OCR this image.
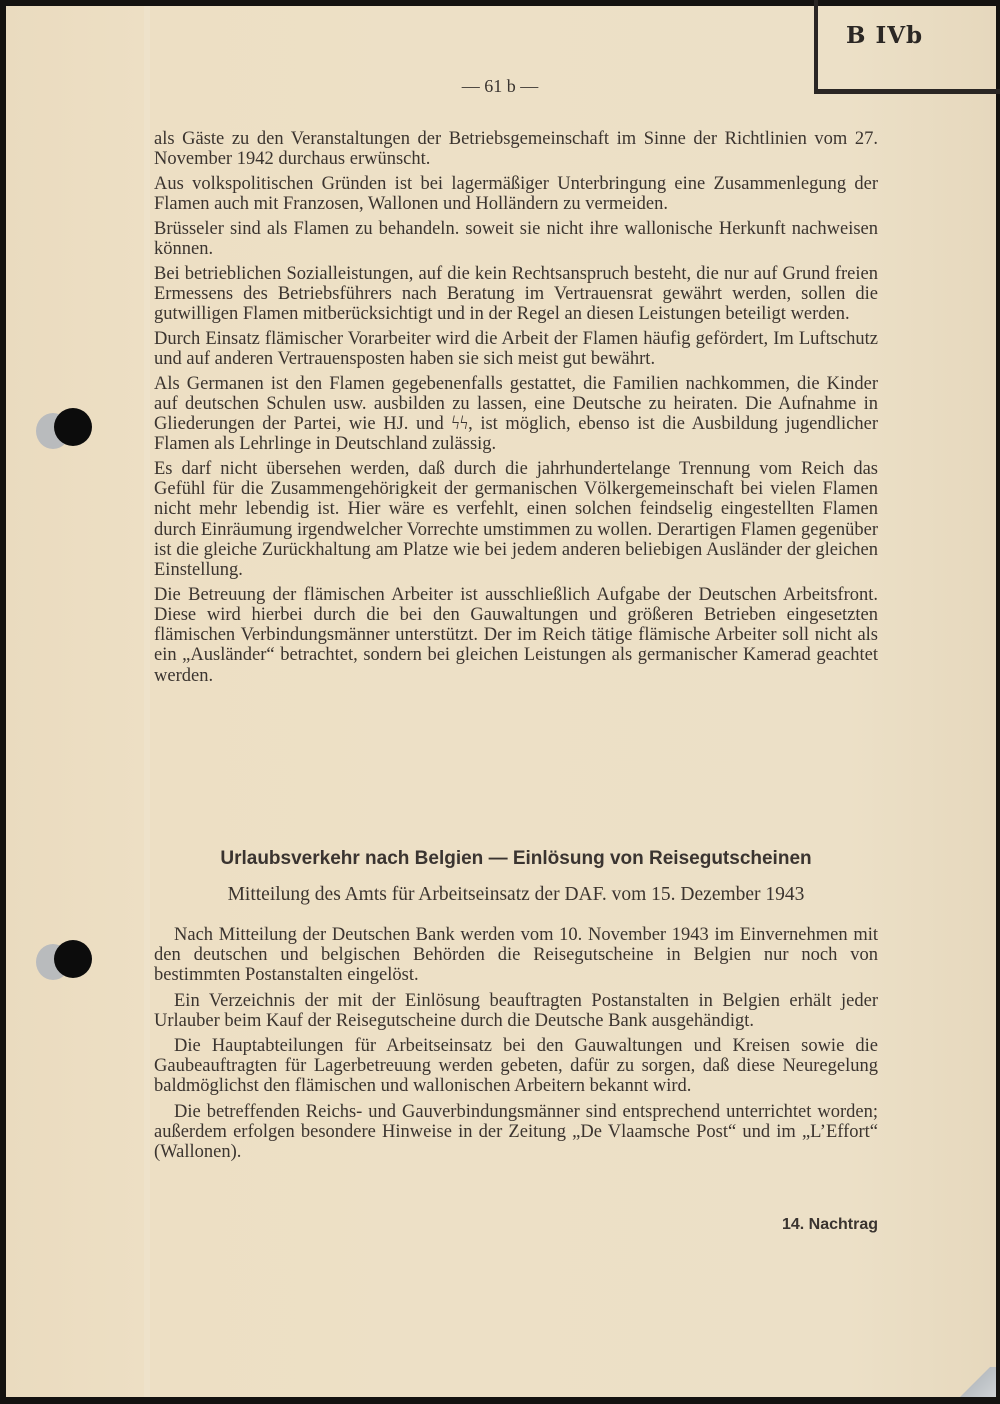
B IVb
— 61 b —

als Gäste zu den Veranstaltungen der Betriebsgemeinschaft im Sinne der Richtlinien vom 27. November 1942 durchaus erwünscht.

Aus volkspolitischen Gründen ist bei lagermäßiger Unterbringung eine Zusammenlegung der Flamen auch mit Franzosen, Wallonen und Holländern zu vermeiden.

Brüsseler sind als Flamen zu behandeln. soweit sie nicht ihre wallonische Herkunft nachweisen können.

Bei betrieblichen Sozialleistungen, auf die kein Rechtsanspruch besteht, die nur auf Grund freien Ermessens des Betriebsführers nach Beratung im Vertrauensrat gewährt werden, sollen die gutwilligen Flamen mitberücksichtigt und in der Regel an diesen Leistungen beteiligt werden.

Durch Einsatz flämischer Vorarbeiter wird die Arbeit der Flamen häufig gefördert, Im Luftschutz und auf anderen Vertrauensposten haben sie sich meist gut bewährt.

Als Germanen ist den Flamen gegebenenfalls gestattet, die Familien nachkommen, die Kinder auf deutschen Schulen usw. ausbilden zu lassen, eine Deutsche zu heiraten. Die Aufnahme in Gliederungen der Partei, wie HJ. und ϟϟ, ist möglich, ebenso ist die Ausbildung jugendlicher Flamen als Lehrlinge in Deutschland zulässig.

Es darf nicht übersehen werden, daß durch die jahrhundertelange Trennung vom Reich das Gefühl für die Zusammengehörigkeit der germanischen Völkergemeinschaft bei vielen Flamen nicht mehr lebendig ist. Hier wäre es verfehlt, einen solchen feindselig eingestellten Flamen durch Einräumung irgendwelcher Vorrechte umstimmen zu wollen. Derartigen Flamen gegenüber ist die gleiche Zurückhaltung am Platze wie bei jedem anderen beliebigen Ausländer der gleichen Einstellung.

Die Betreuung der flämischen Arbeiter ist ausschließlich Aufgabe der Deutschen Arbeitsfront. Diese wird hierbei durch die bei den Gauwaltungen und größeren Betrieben eingesetzten flämischen Verbindungsmänner unterstützt. Der im Reich tätige flämische Arbeiter soll nicht als ein „Ausländer“ betrachtet, sondern bei gleichen Leistungen als germanischer Kamerad geachtet werden.

Urlaubsverkehr nach Belgien — Einlösung von Reisegutscheinen
Mitteilung des Amts für Arbeitseinsatz der DAF. vom 15. Dezember 1943

Nach Mitteilung der Deutschen Bank werden vom 10. November 1943 im Einvernehmen mit den deutschen und belgischen Behörden die Reisegutscheine in Belgien nur noch von bestimmten Postanstalten eingelöst.

Ein Verzeichnis der mit der Einlösung beauftragten Postanstalten in Belgien erhält jeder Urlauber beim Kauf der Reisegutscheine durch die Deutsche Bank ausgehändigt.

Die Hauptabteilungen für Arbeitseinsatz bei den Gauwaltungen und Kreisen sowie die Gaubeauftragten für Lagerbetreuung werden gebeten, dafür zu sorgen, daß diese Neuregelung baldmöglichst den flämischen und wallonischen Arbeitern bekannt wird.

Die betreffenden Reichs- und Gauverbindungsmänner sind entsprechend unterrichtet worden; außerdem erfolgen besondere Hinweise in der Zeitung „De Vlaamsche Post“ und im „L’Effort“ (Wallonen).

14. Nachtrag
